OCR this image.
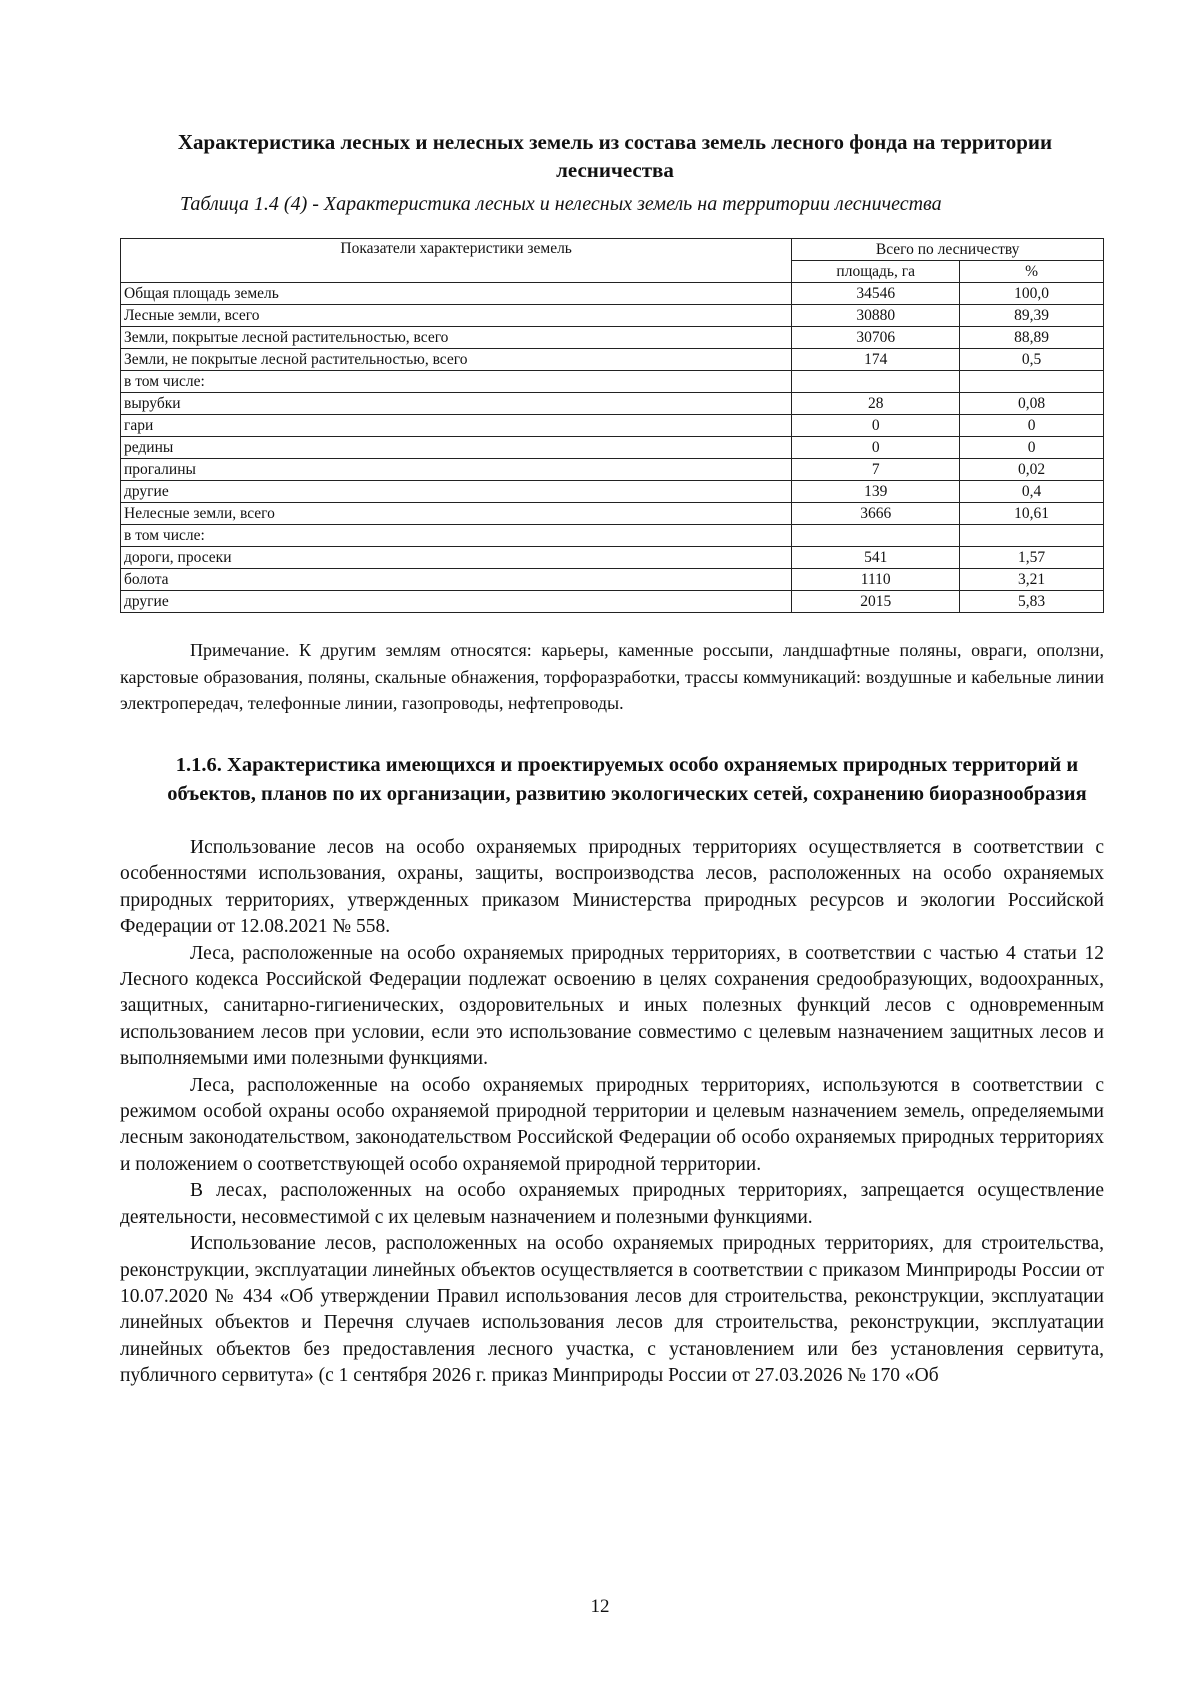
Характеристика лесных и нелесных земель из состава земель лесного фонда на территории лесничества
Таблица 1.4 (4) - Характеристика лесных и нелесных земель на территории лесничества
Показатели характеристики земель	Всего по лесничеству	
	площадь, га	%
Общая площадь земель	34546	100,0
Лесные земли, всего	30880	89,39
Земли, покрытые лесной растительностью, всего	30706	88,89
Земли, не покрытые лесной растительностью, всего	174	0,5
в том числе:		
вырубки	28	0,08
гари	0	0
редины	0	0
прогалины	7	0,02
другие	139	0,4
Нелесные земли, всего	3666	10,61
в том числе:		
дороги, просеки	541	1,57
болота	1110	3,21
другие	2015	5,83
Примечание. К другим землям относятся: карьеры, каменные россыпи, ландшафтные поляны, овраги, оползни, карстовые образования, поляны, скальные обнажения, торфоразработки, трассы коммуникаций: воздушные и кабельные линии электропередач, телефонные линии, газопроводы, нефтепроводы.
1.1.6. Характеристика имеющихся и проектируемых особо охраняемых природных территорий и объектов, планов по их организации, развитию экологических сетей, сохранению биоразнообразия

Использование лесов на особо охраняемых природных территориях осуществляется в соответствии с особенностями использования, охраны, защиты, воспроизводства лесов, расположенных на особо охраняемых природных территориях, утвержденных приказом Министерства природных ресурсов и экологии Российской Федерации от 12.08.2021 № 558.

Леса, расположенные на особо охраняемых природных территориях, в соответствии с частью 4 статьи 12 Лесного кодекса Российской Федерации подлежат освоению в целях сохранения средообразующих, водоохранных, защитных, санитарно-гигиенических, оздоровительных и иных полезных функций лесов с одновременным использованием лесов при условии, если это использование совместимо с целевым назначением защитных лесов и выполняемыми ими полезными функциями.

Леса, расположенные на особо охраняемых природных территориях, используются в соответствии с режимом особой охраны особо охраняемой природной территории и целевым назначением земель, определяемыми лесным законодательством, законодательством Российской Федерации об особо охраняемых природных территориях и положением о соответствующей особо охраняемой природной территории.

В лесах, расположенных на особо охраняемых природных территориях, запрещается осуществление деятельности, несовместимой с их целевым назначением и полезными функциями.

Использование лесов, расположенных на особо охраняемых природных территориях, для строительства, реконструкции, эксплуатации линейных объектов осуществляется в соответствии с приказом Минприроды России от 10.07.2020 № 434 «Об утверждении Правил использования лесов для строительства, реконструкции, эксплуатации линейных объектов и Перечня случаев использования лесов для строительства, реконструкции, эксплуатации линейных объектов без предоставления лесного участка, с установлением или без установления сервитута, публичного сервитута» (с 1 сентября 2026 г. приказ Минприроды России от 27.03.2026 № 170 «Об

12
